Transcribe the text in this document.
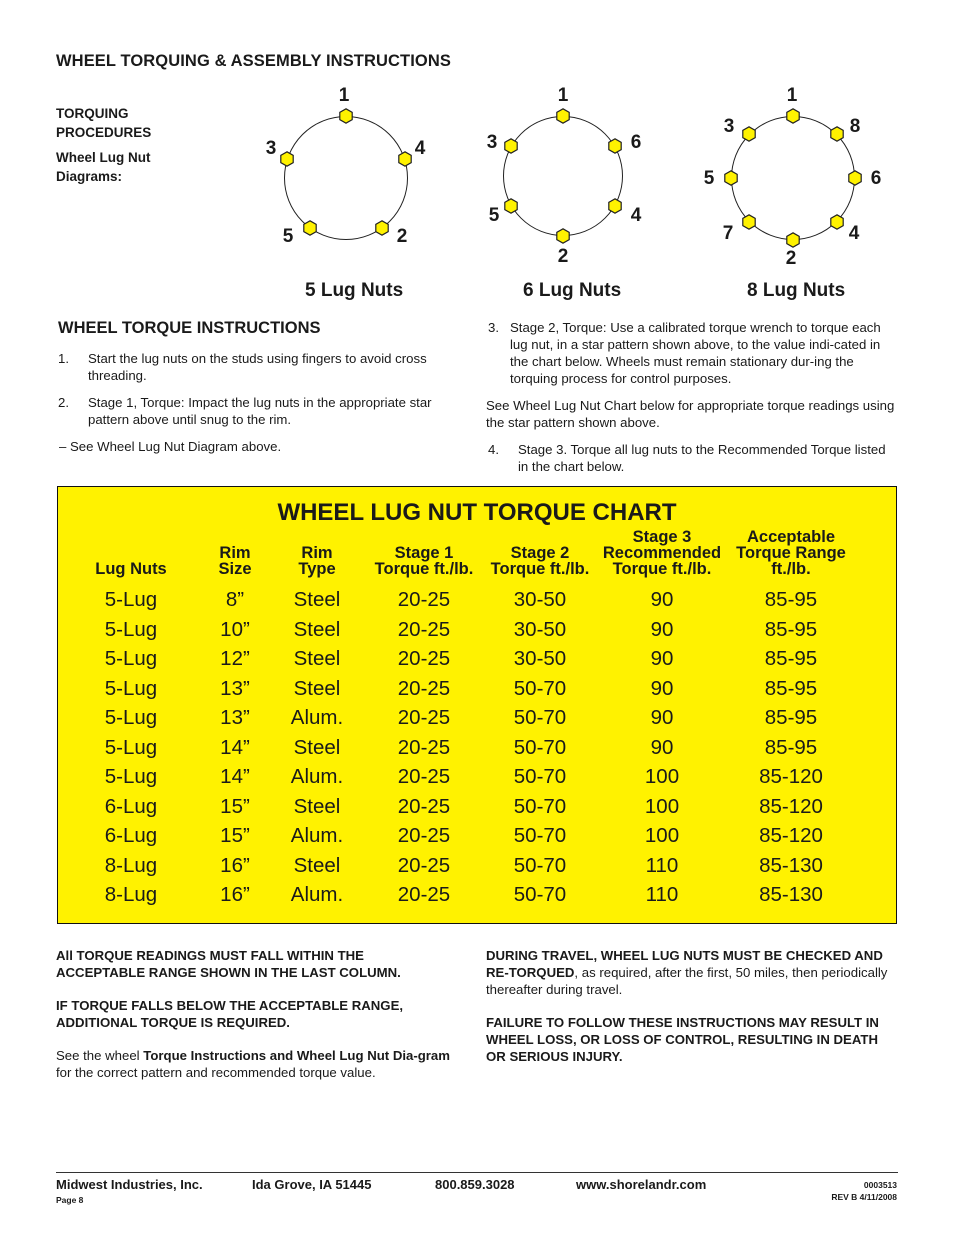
WHEEL TORQUING & ASSEMBLY INSTRUCTIONS
TORQUING PROCEDURES
Wheel Lug Nut Diagrams:
5 Lug Nuts
1
3	4
5	2
6 Lug Nuts
1
3	6
5	4
2
8 Lug Nuts
1
3	8
5	6
7	4
2
WHEEL TORQUE INSTRUCTIONS
1. Start the lug nuts on the studs using fingers to avoid cross threading.
2. Stage 1, Torque: Impact the lug nuts in the appropriate star pattern above until snug to the rim.
– See Wheel Lug Nut Diagram above.
3. Stage 2, Torque: Use a calibrated torque wrench to torque each lug nut, in a star pattern shown above, to the value indi-cated in the chart below. Wheels must remain stationary dur-ing the torquing process for control purposes.
See Wheel Lug Nut Chart below for appropriate torque readings using the star pattern shown above.
4. Stage 3. Torque all lug nuts to the Recommended Torque listed in the chart below.
WHEEL LUG NUT TORQUE CHART
Lug Nuts
Rim
Size
Rim
Type
Stage 1
Torque ft./lb.
Stage 2
Torque ft./lb.
Stage 3
Recommended
Torque ft./lb.
Acceptable
Torque Range
ft./lb.
5-Lug	8” Steel	20-25	30-50	90	85-95
5-Lug	10” Steel	20-25	30-50	90	85-95
5-Lug	12” Steel	20-25	30-50	90	85-95
5-Lug	13” Steel	20-25	50-70	90	85-95
5-Lug	13” Alum.	20-25	50-70	90	85-95
5-Lug	14” Steel	20-25	50-70	90	85-95
5-Lug	14” Alum.	20-25	50-70	100	85-120
6-Lug	15” Steel	20-25	50-70	100	85-120
6-Lug	15” Alum.	20-25	50-70	100	85-120
8-Lug	16” Steel	20-25	50-70	110	85-130
8-Lug	16” Alum.	20-25	50-70	110	85-130

All TORQUE READINGS MUST FALL WITHIN THE ACCEPTABLE RANGE SHOWN IN THE LAST COLUMN.

IF TORQUE FALLS BELOW THE ACCEPTABLE RANGE, ADDITIONAL TORQUE IS REQUIRED.

See the wheel Torque Instructions and Wheel Lug Nut Dia-gram for the correct pattern and recommended torque value.

DURING TRAVEL, WHEEL LUG NUTS MUST BE CHECKED AND RE-TORQUED, as required, after the first, 50 miles, then periodically thereafter during travel.

FAILURE TO FOLLOW THESE INSTRUCTIONS MAY RESULT IN WHEEL LOSS, OR LOSS OF CONTROL, RESULTING IN DEATH OR SERIOUS INJURY.

Midwest Industries, Inc.	Ida Grove, IA 51445	800.859.3028	www.shorelandr.com
Page 8
0003513
REV B 4/11/2008
